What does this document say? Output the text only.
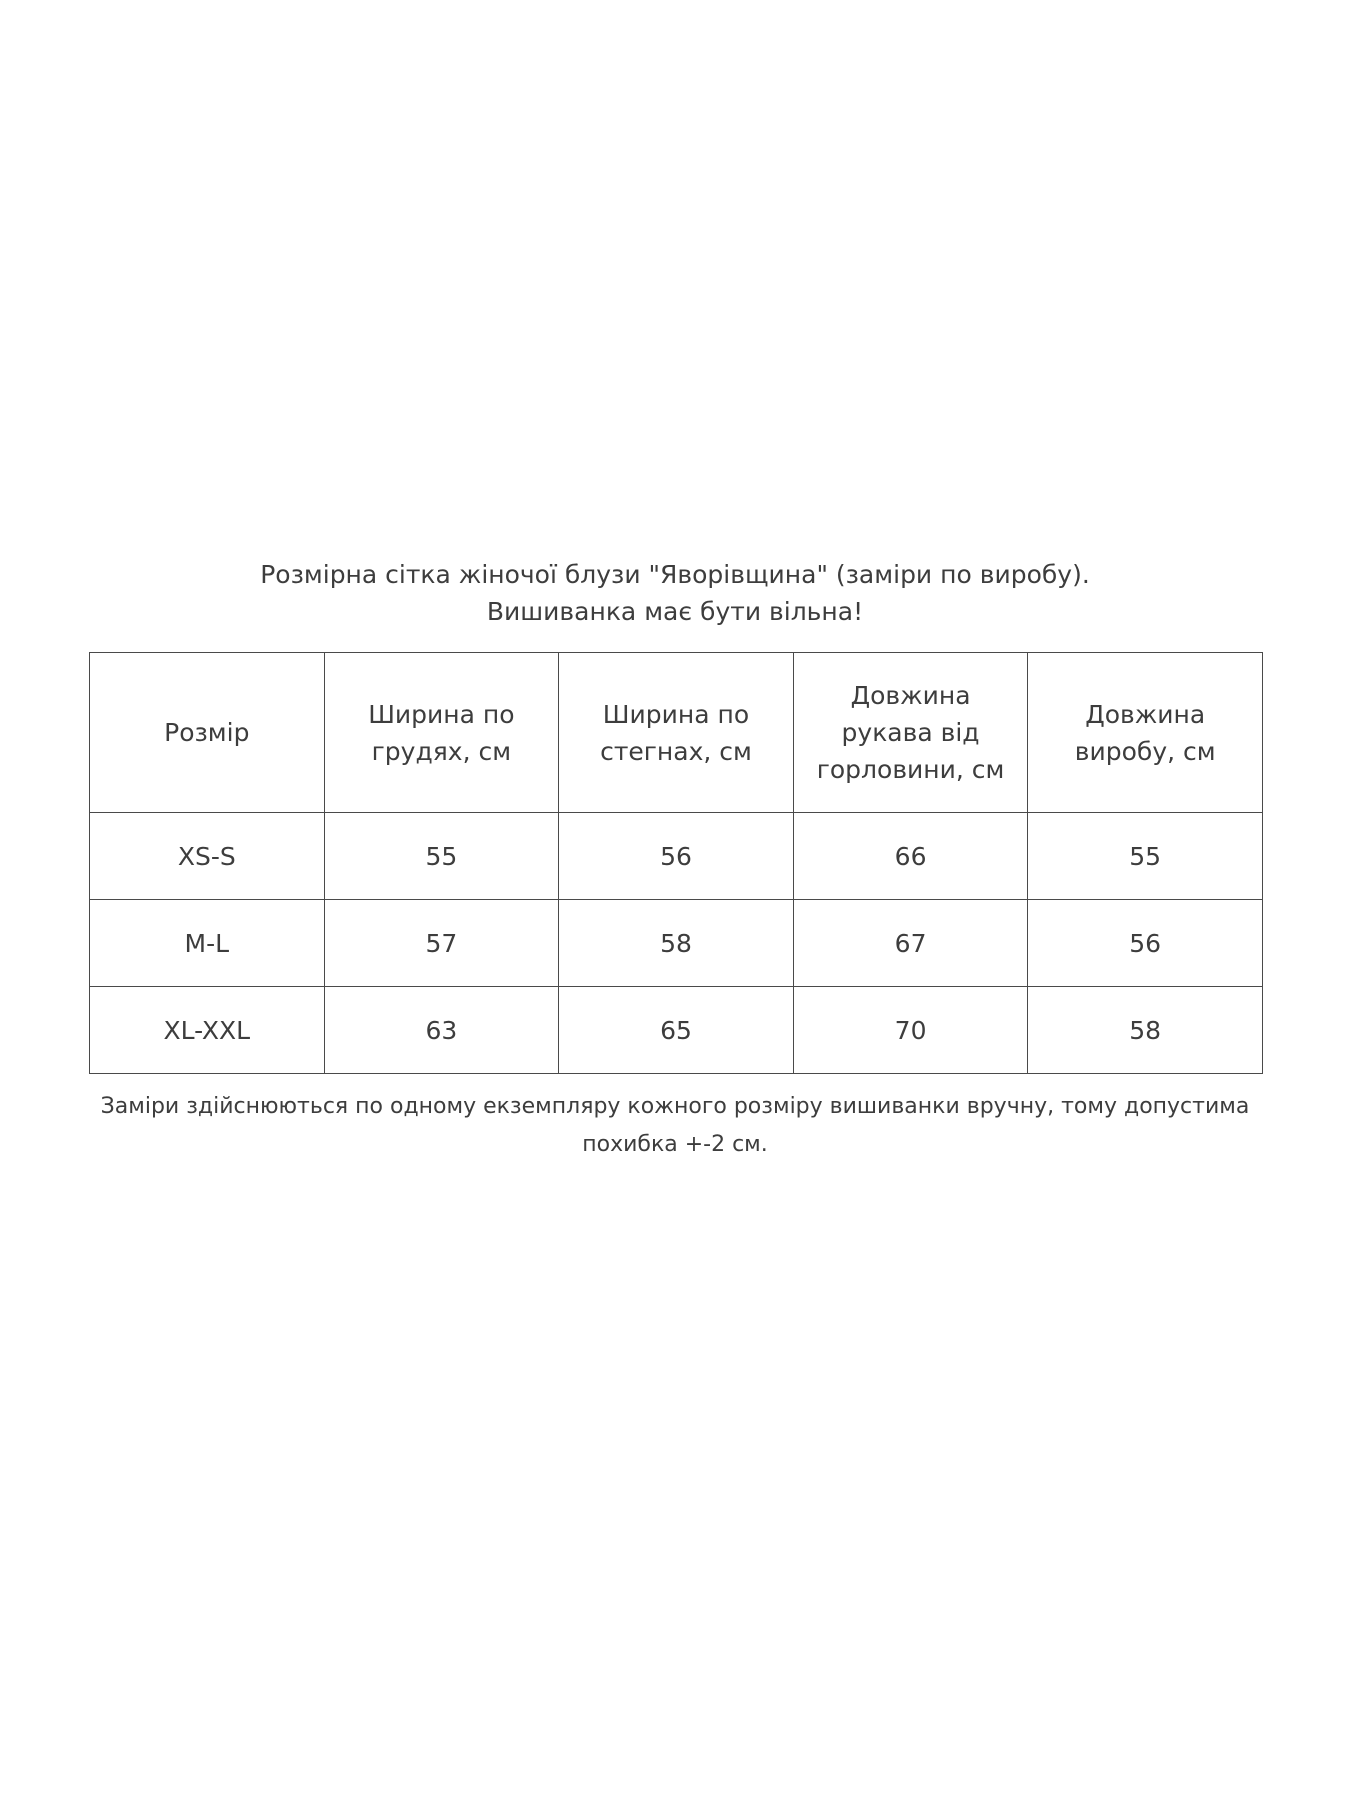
Розмірна сітка жіночої блузи "Яворівщина" (заміри по виробу).
Вишиванка має бути вільна!
Розмір	Ширина по грудях, см	Ширина по стегнах, см	Довжина рукава від горловини, см	Довжина виробу, см
XS-S	55	56	66	55
M-L	57	58	67	56
XL-XXL	63	65	70	58

Заміри здійснюються по одному екземпляру кожного розміру вишиванки вручну, тому допустима похибка +-2 см.
